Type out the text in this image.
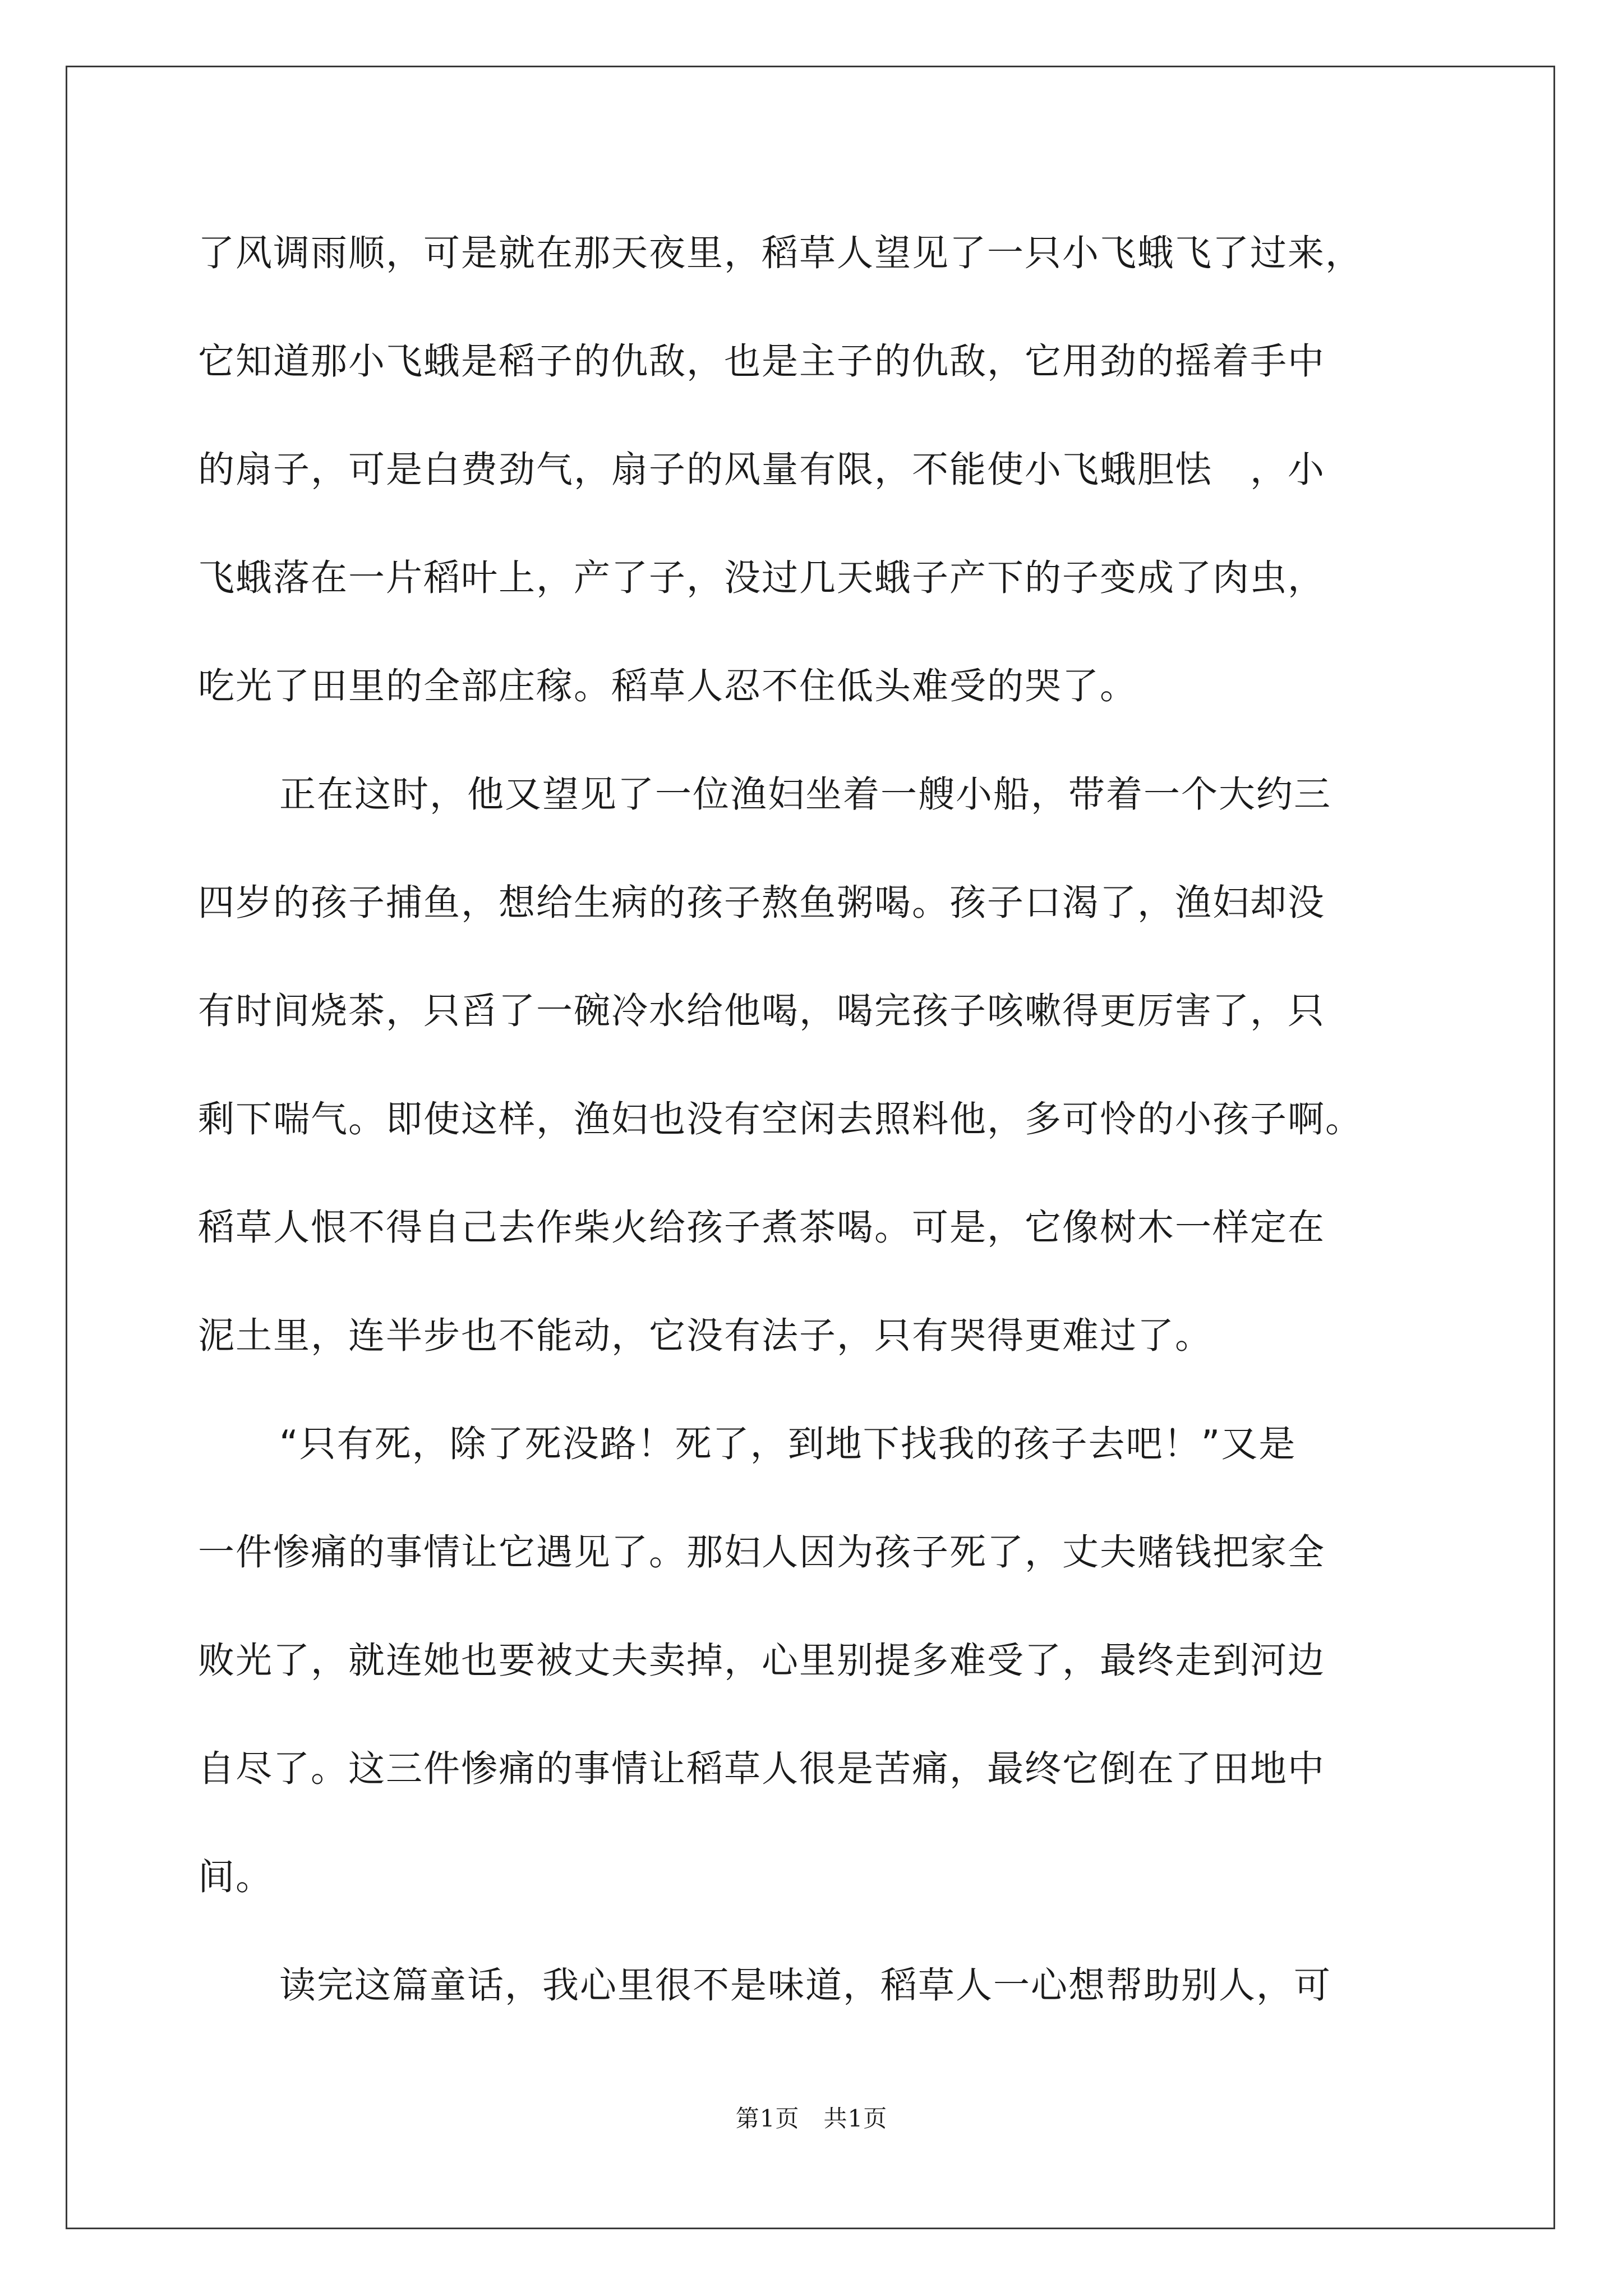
了风调雨顺，可是就在那天夜里，稻草人望见了一只小飞蛾飞了过来，
它知道那小飞蛾是稻子的仇敌，也是主子的仇敌，它用劲的摇着手中
的扇子，可是白费劲气，扇子的风量有限，不能使小飞蛾胆怯　，小
飞蛾落在一片稻叶上，产了子，没过几天蛾子产下的子变成了肉虫，
吃光了田里的全部庄稼。稻草人忍不住低头难受的哭了。
正在这时，他又望见了一位渔妇坐着一艘小船，带着一个大约三
四岁的孩子捕鱼，想给生病的孩子熬鱼粥喝。孩子口渴了，渔妇却没
有时间烧茶，只舀了一碗冷水给他喝，喝完孩子咳嗽得更厉害了，只
剩下喘气。即使这样，渔妇也没有空闲去照料他，多可怜的小孩子啊。
稻草人恨不得自己去作柴火给孩子煮茶喝。可是，它像树木一样定在
泥土里，连半步也不能动，它没有法子，只有哭得更难过了。
“只有死，除了死没路！死了，到地下找我的孩子去吧！”又是
一件惨痛的事情让它遇见了。那妇人因为孩子死了，丈夫赌钱把家全
败光了，就连她也要被丈夫卖掉，心里别提多难受了，最终走到河边
自尽了。这三件惨痛的事情让稻草人很是苦痛，最终它倒在了田地中
间。
读完这篇童话，我心里很不是味道，稻草人一心想帮助别人，可
第1页　共1页
